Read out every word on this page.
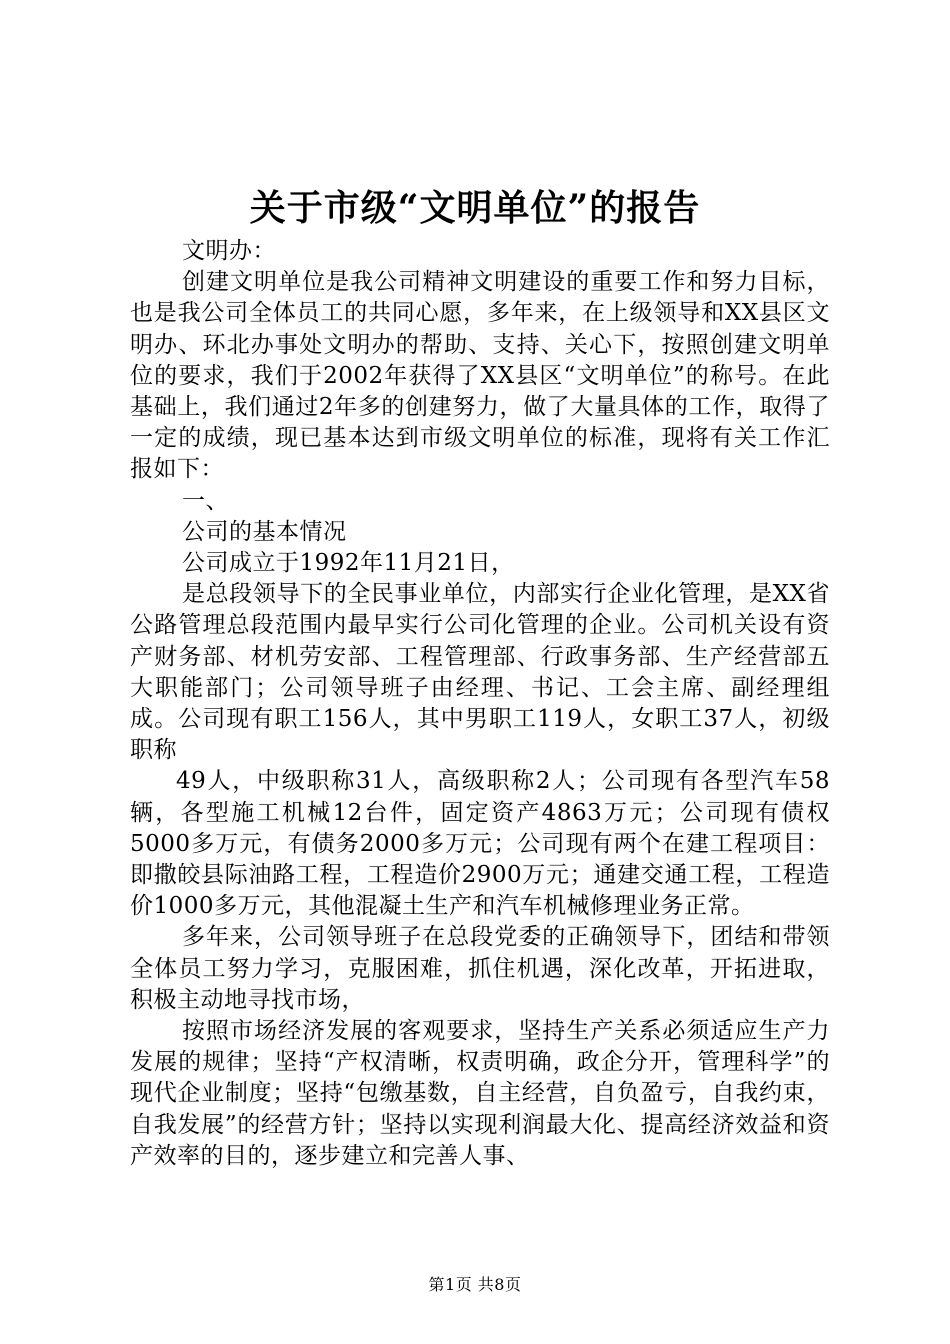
关于市级“文明单位”的报告

文明办：

创建文明单位是我公司精神文明建设的重要工作和努力目标，也是我公司全体员工的共同心愿，多年来，在上级领导和XX县区文明办、环北办事处文明办的帮助、支持、关心下，按照创建文明单位的要求，我们于2002年获得了XX县区“文明单位”的称号。在此基础上，我们通过2年多的创建努力，做了大量具体的工作，取得了一定的成绩，现已基本达到市级文明单位的标准，现将有关工作汇报如下：

一、

公司的基本情况

公司成立于1992年11月21日，

是总段领导下的全民事业单位，内部实行企业化管理，是XX省公路管理总段范围内最早实行公司化管理的企业。公司机关设有资产财务部、材机劳安部、工程管理部、行政事务部、生产经营部五大职能部门；公司领导班子由经理、书记、工会主席、副经理组成。公司现有职工156人，其中男职工119人，女职工37人，初级职称

49人，中级职称31人，高级职称2人；公司现有各型汽车58辆，各型施工机械12台件，固定资产4863万元；公司现有债权5000多万元，有债务2000多万元；公司现有两个在建工程项目：即撒皎县际油路工程，工程造价2900万元；通建交通工程，工程造价1000多万元，其他混凝土生产和汽车机械修理业务正常。

多年来，公司领导班子在总段党委的正确领导下，团结和带领全体员工努力学习，克服困难，抓住机遇，深化改革，开拓进取，积极主动地寻找市场，

按照市场经济发展的客观要求，坚持生产关系必须适应生产力发展的规律；坚持“产权清晰，权责明确，政企分开，管理科学”的现代企业制度；坚持“包缴基数，自主经营，自负盈亏，自我约束，自我发展”的经营方针；坚持以实现利润最大化、提高经济效益和资产效率的目的，逐步建立和完善人事、

第1页 共8页
